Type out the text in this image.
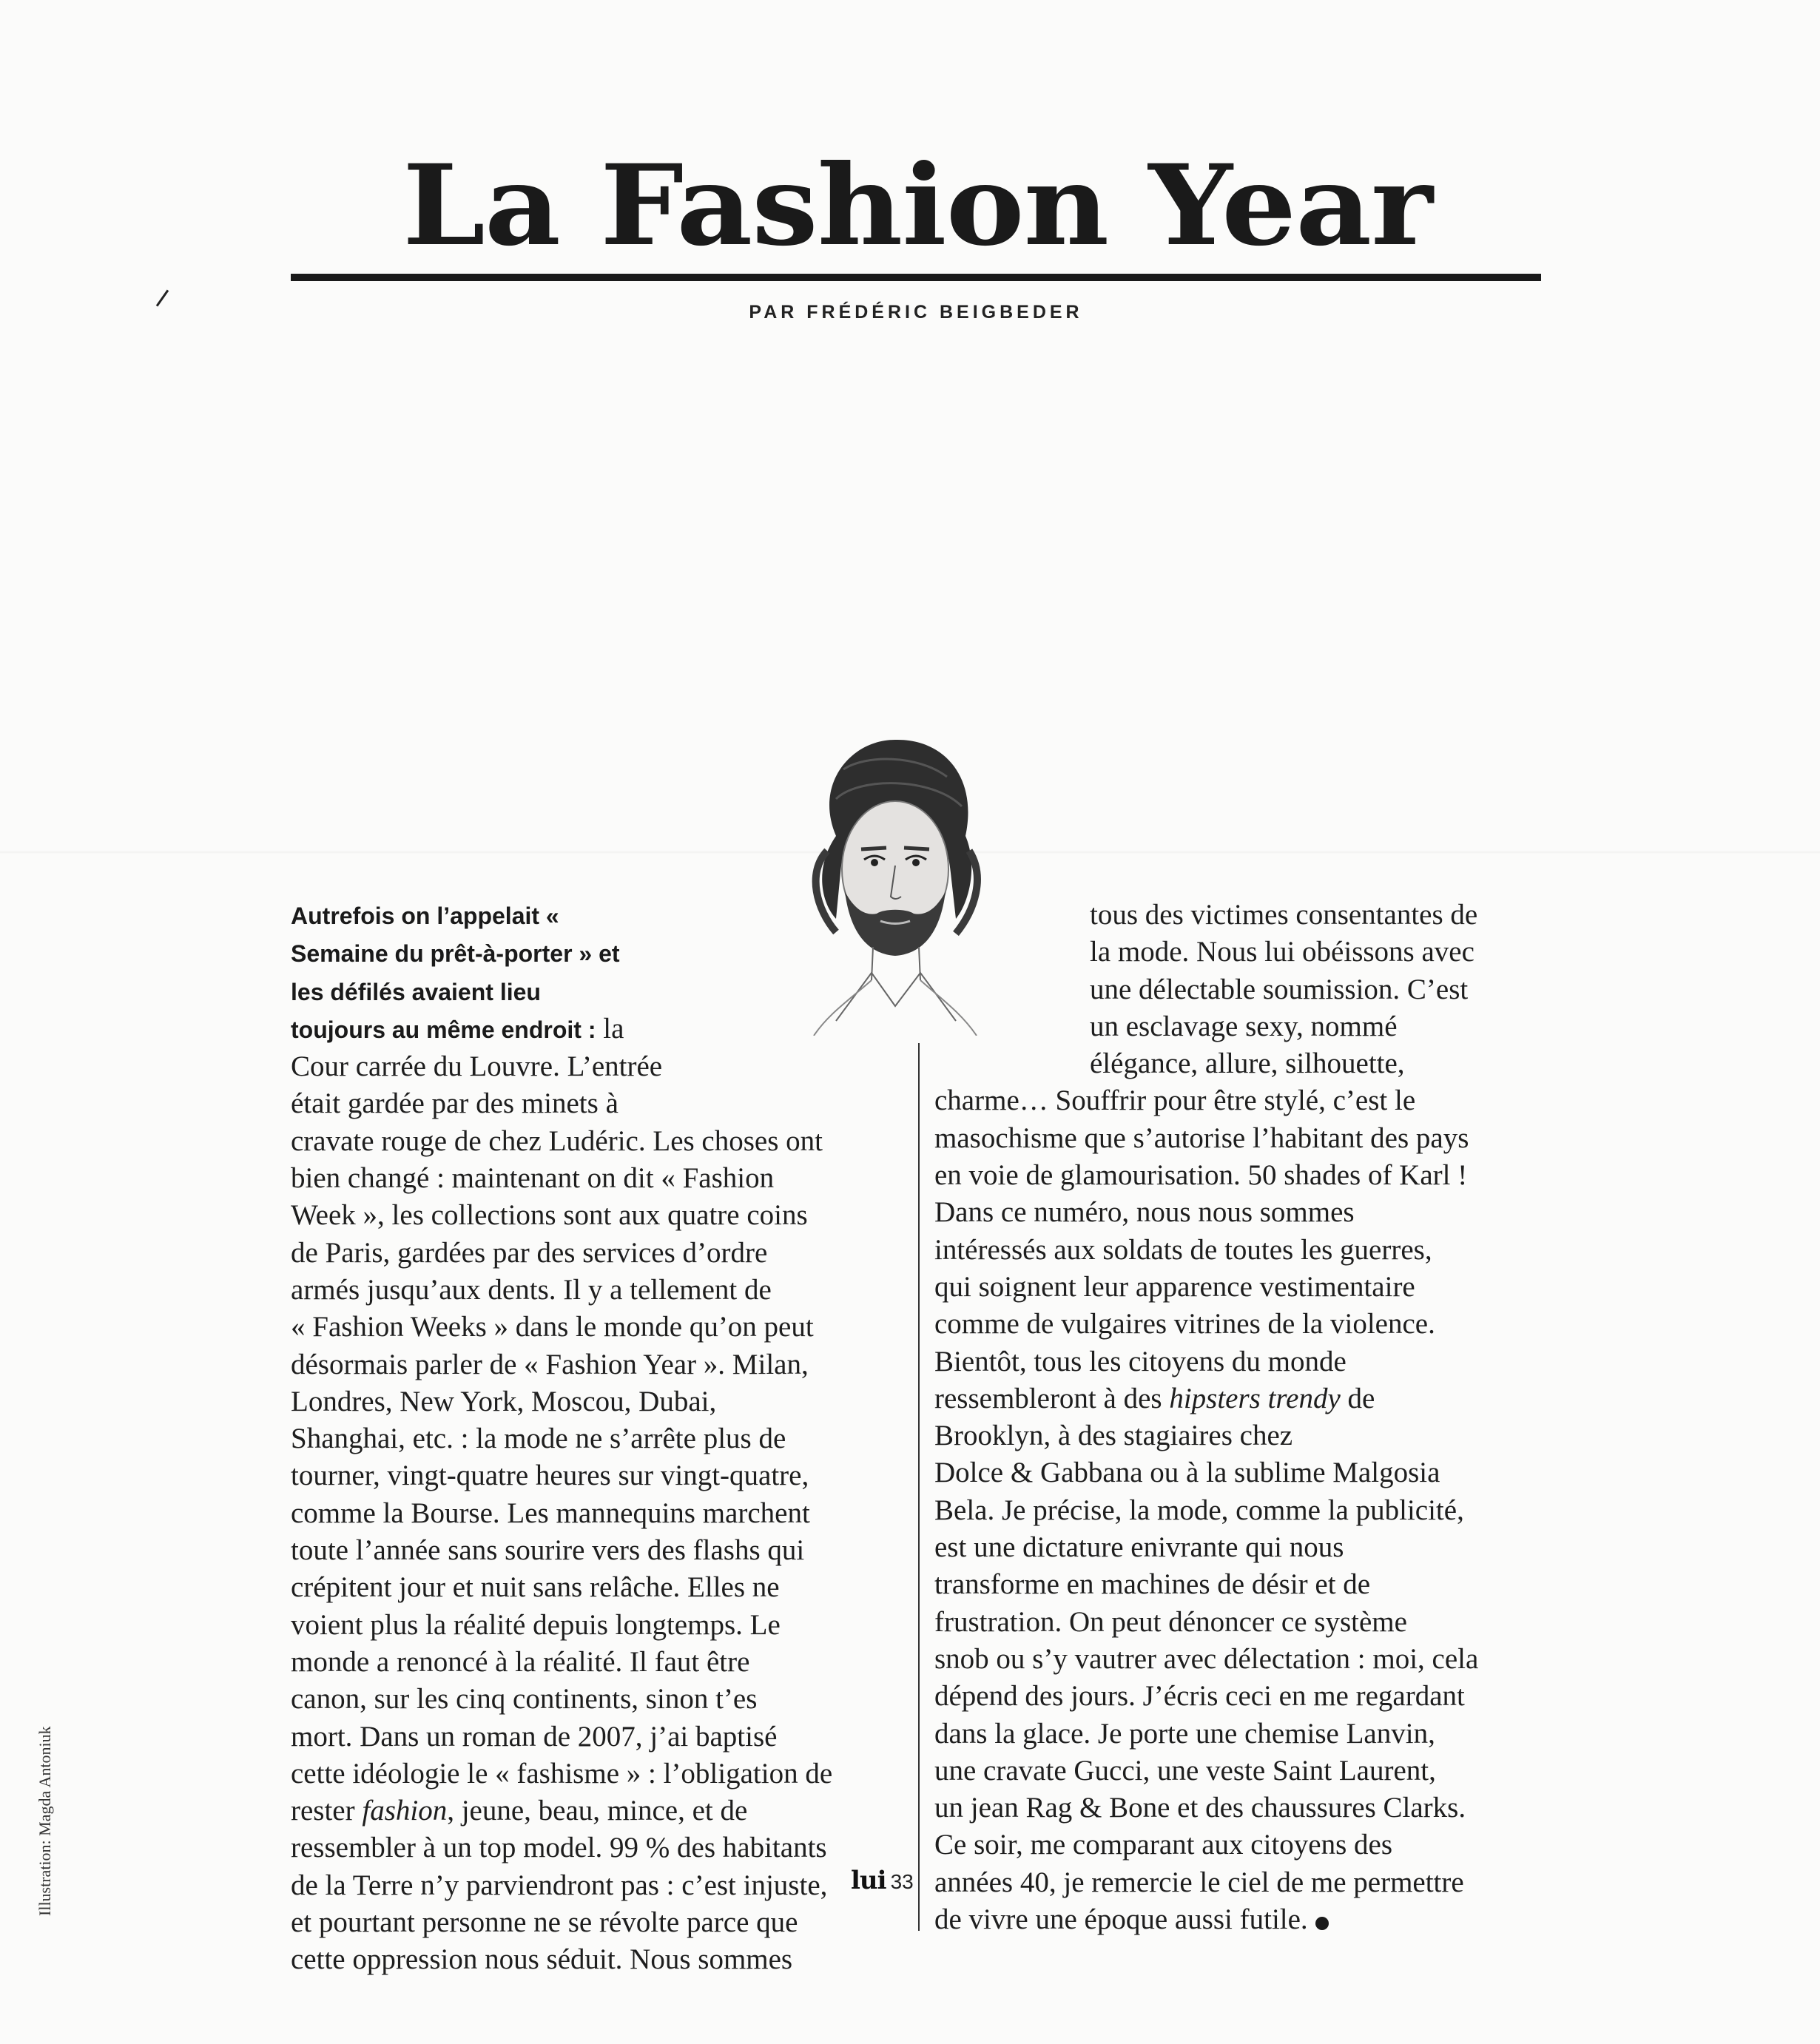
La Fashion Year
PAR FRÉDÉRIC BEIGBEDER

Autrefois on l’appelait « Semaine du prêt-à-porter » et les défilés avaient lieu toujours au même endroit : la

Cour carrée du Louvre. L’entrée
était gardée par des minets à
cravate rouge de chez Ludéric. Les choses ont
bien changé : maintenant on dit « Fashion
Week », les collections sont aux quatre coins
de Paris, gardées par des services d’ordre
armés jusqu’aux dents. Il y a tellement de
« Fashion Weeks » dans le monde qu’on peut
désormais parler de « Fashion Year ». Milan,
Londres, New York, Moscou, Dubai,
Shanghai, etc. : la mode ne s’arrête plus de
tourner, vingt-quatre heures sur vingt-quatre,
comme la Bourse. Les mannequins marchent
toute l’année sans sourire vers des flashs qui
crépitent jour et nuit sans relâche. Elles ne
voient plus la réalité depuis longtemps. Le
monde a renoncé à la réalité. Il faut être
canon, sur les cinq continents, sinon t’es
mort. Dans un roman de 2007, j’ai baptisé
cette idéologie le « fashisme » : l’obligation de
rester fashion, jeune, beau, mince, et de
ressembler à un top model. 99 % des habitants
de la Terre n’y parviendront pas : c’est injuste,
et pourtant personne ne se révolte parce que
cette oppression nous séduit. Nous sommes
tous des victimes consentantes de
la mode. Nous lui obéissons avec
une délectable soumission. C’est
un esclavage sexy, nommé
élégance, allure, silhouette,
charme… Souffrir pour être stylé, c’est le
masochisme que s’autorise l’habitant des pays
en voie de glamourisation. 50 shades of Karl !
Dans ce numéro, nous nous sommes
intéressés aux soldats de toutes les guerres,
qui soignent leur apparence vestimentaire
comme de vulgaires vitrines de la violence.
Bientôt, tous les citoyens du monde
ressembleront à des hipsters trendy de
Brooklyn, à des stagiaires chez
Dolce & Gabbana ou à la sublime Malgosia
Bela. Je précise, la mode, comme la publicité,
est une dictature enivrante qui nous
transforme en machines de désir et de
frustration. On peut dénoncer ce système
snob ou s’y vautrer avec délectation : moi, cela
dépend des jours. J’écris ceci en me regardant
dans la glace. Je porte une chemise Lanvin,
une cravate Gucci, une veste Saint Laurent,
un jean Rag & Bone et des chaussures Clarks.
Ce soir, me comparant aux citoyens des
années 40, je remercie le ciel de me permettre
de vivre une époque aussi futile.
Illustration: Magda Antoniuk	lui 33
